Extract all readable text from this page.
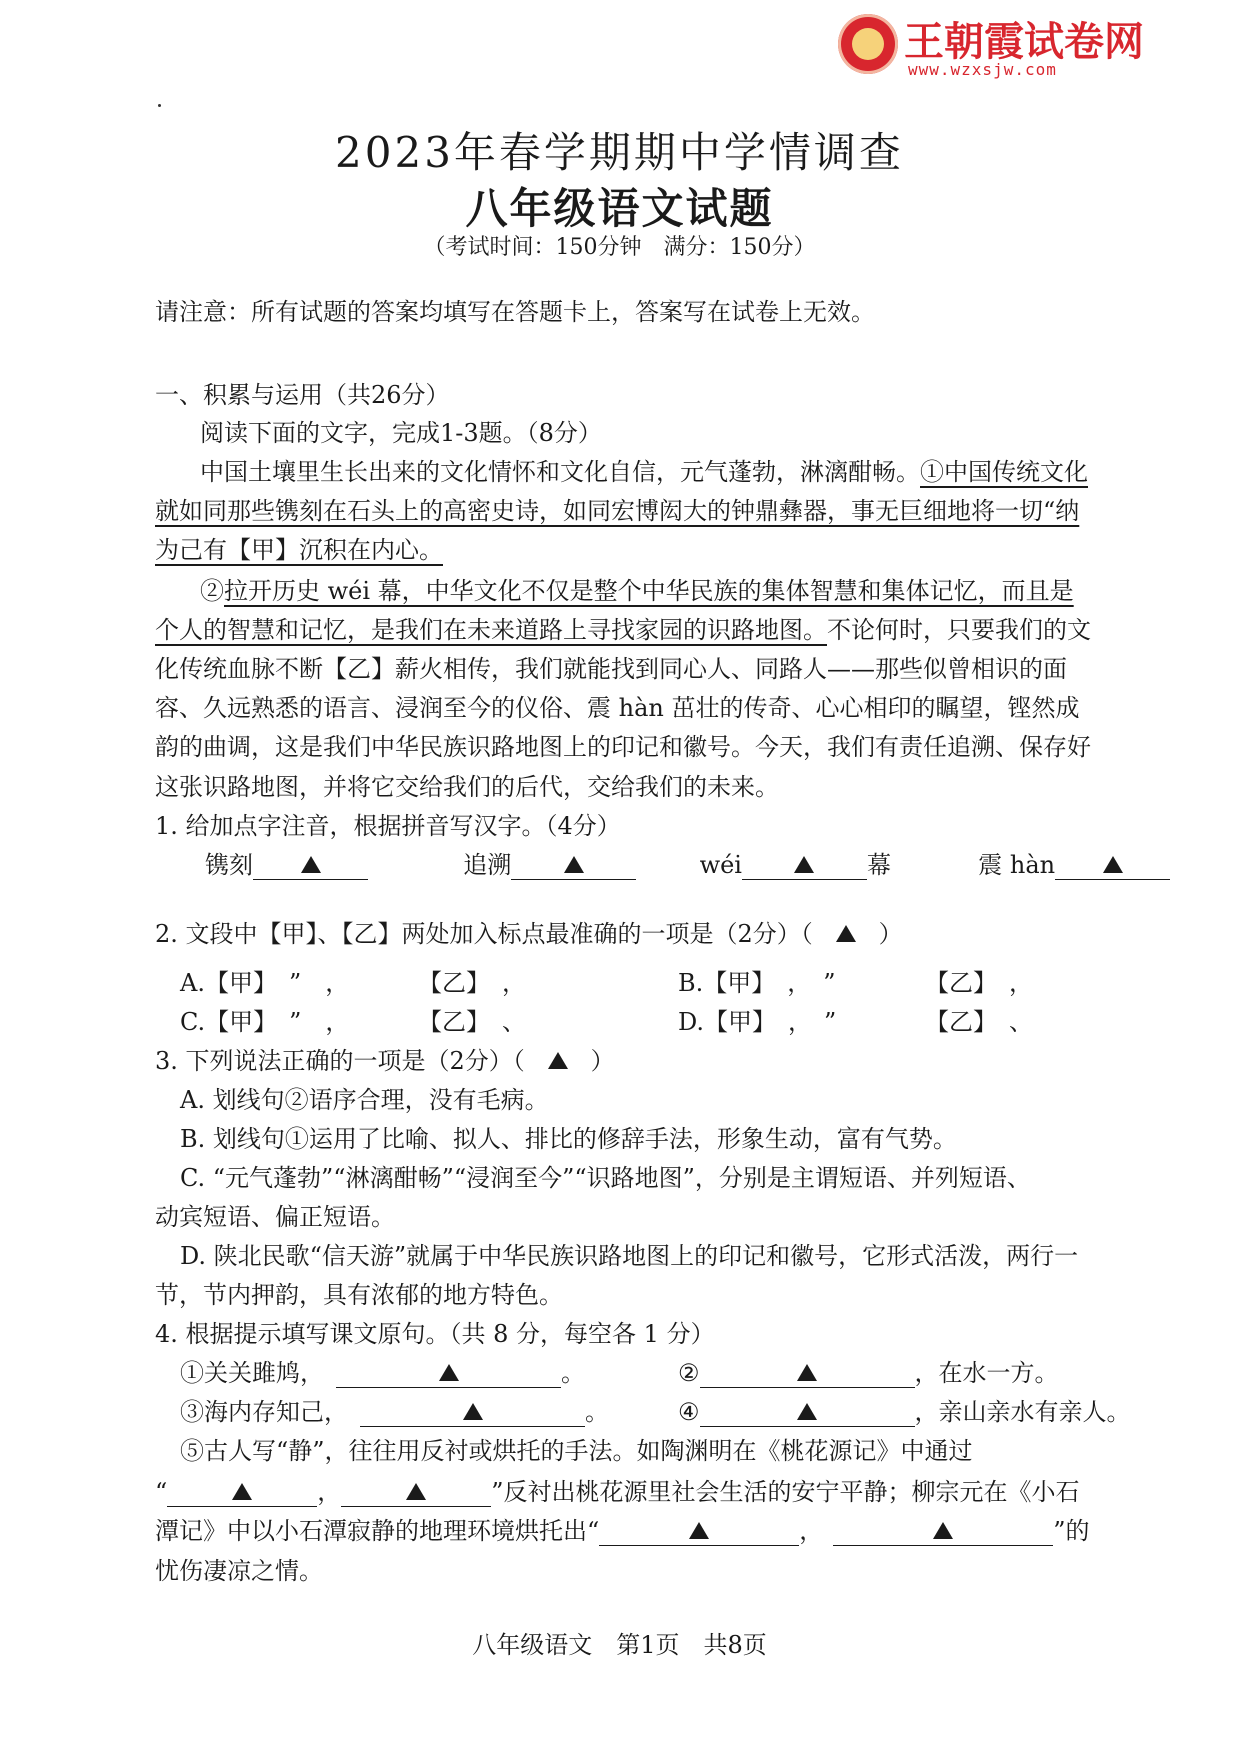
王朝霞试卷网
www.wzxsjw.com
2023年春学期期中学情调查
八年级语文试题
（考试时间：150分钟　满分：150分）
请注意：所有试题的答案均填写在答题卡上，答案写在试卷上无效。
一、积累与运用（共26分）
阅读下面的文字，完成1-3题。（8分）
中国土壤里生长出来的文化情怀和文化自信，元气蓬勃，淋漓酣畅。①中国传统文化
就如同那些镌刻在石头上的高密史诗，如同宏博闳大的钟鼎彝器，事无巨细地将一切“纳
为己有【甲】沉积在内心。
②拉开历史 wéi 幕，中华文化不仅是整个中华民族的集体智慧和集体记忆，而且是
个人的智慧和记忆，是我们在未来道路上寻找家园的识路地图。不论何时，只要我们的文
化传统血脉不断【乙】薪火相传，我们就能找到同心人、同路人——那些似曾相识的面
容、久远熟悉的语言、浸润至今的仪俗、震 hàn 茁壮的传奇、心心相印的瞩望，铿然成
韵的曲调，这是我们中华民族识路地图上的印记和徽号。今天，我们有责任追溯、保存好
这张识路地图，并将它交给我们的后代，交给我们的未来。
1. 给加点字注音，根据拼音写汉字。（4分）
镌刻	追溯	wéi	幕	震 hàn
2. 文段中【甲】、【乙】两处加入标点最准确的一项是（2分）（	）
A.【甲】　”　，	【乙】　，	B.【甲】　，　”	【乙】　，
C.【甲】　”　，	【乙】　、	D.【甲】　，　”	【乙】　、
3. 下列说法正确的一项是（2分）（	）
A. 划线句②语序合理，没有毛病。
B. 划线句①运用了比喻、拟人、排比的修辞手法，形象生动，富有气势。
C. “元气蓬勃”“淋漓酣畅”“浸润至今”“识路地图”，分别是主谓短语、并列短语、
动宾短语、偏正短语。
D. 陕北民歌“信天游”就属于中华民族识路地图上的印记和徽号，它形式活泼，两行一
节，节内押韵，具有浓郁的地方特色。
4. 根据提示填写课文原句。（共 8 分，每空各 1 分）
①关关雎鸠，	。	②	，在水一方。
③海内存知己，	。	④	，亲山亲水有亲人。
⑤古人写“静”，往往用反衬或烘托的手法。如陶渊明在《桃花源记》中通过
“	，	”反衬出桃花源里社会生活的安宁平静；柳宗元在《小石
潭记》中以小石潭寂静的地理环境烘托出“	，	”的
忧伤凄凉之情。
八年级语文　第1页　共8页
